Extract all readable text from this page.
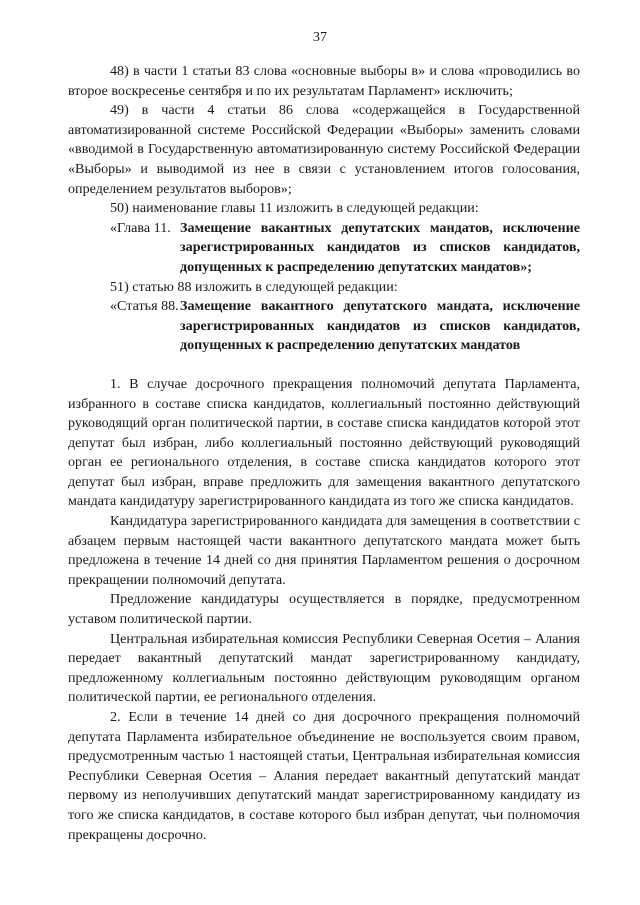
37

48) в части 1 статьи 83 слова «основные выборы в» и слова «проводились во второе воскресенье сентября и по их результатам Парламент» исключить;

49) в части 4 статьи 86 слова «содержащейся в Государственной автоматизированной системе Российской Федерации «Выборы» заменить словами «вводимой в Государственную автоматизированную систему Российской Федерации «Выборы» и выводимой из нее в связи с установлением итогов голосования, определением результатов выборов»;

50) наименование главы 11 изложить в следующей редакции:

«Глава 11. Замещение вакантных депутатских мандатов, исключение зарегистрированных кандидатов из списков кандидатов, допущенных к распределению депутатских мандатов»;

51) статью 88 изложить в следующей редакции:

«Статья 88. Замещение вакантного депутатского мандата, исключение зарегистрированных кандидатов из списков кандидатов, допущенных к распределению депутатских мандатов

1. В случае досрочного прекращения полномочий депутата Парламента, избранного в составе списка кандидатов, коллегиальный постоянно действующий руководящий орган политической партии, в составе списка кандидатов которой этот депутат был избран, либо коллегиальный постоянно действующий руководящий орган ее регионального отделения, в составе списка кандидатов которого этот депутат был избран, вправе предложить для замещения вакантного депутатского мандата кандидатуру зарегистрированного кандидата из того же списка кандидатов.

Кандидатура зарегистрированного кандидата для замещения в соответствии с абзацем первым настоящей части вакантного депутатского мандата может быть предложена в течение 14 дней со дня принятия Парламентом решения о досрочном прекращении полномочий депутата.

Предложение кандидатуры осуществляется в порядке, предусмотренном уставом политической партии.

Центральная избирательная комиссия Республики Северная Осетия – Алания передает вакантный депутатский мандат зарегистрированному кандидату, предложенному коллегиальным постоянно действующим руководящим органом политической партии, ее регионального отделения.

2. Если в течение 14 дней со дня досрочного прекращения полномочий депутата Парламента избирательное объединение не воспользуется своим правом, предусмотренным частью 1 настоящей статьи, Центральная избирательная комиссия Республики Северная Осетия – Алания передает вакантный депутатский мандат первому из неполучивших депутатский мандат зарегистрированному кандидату из того же списка кандидатов, в составе которого был избран депутат, чьи полномочия прекращены досрочно.
